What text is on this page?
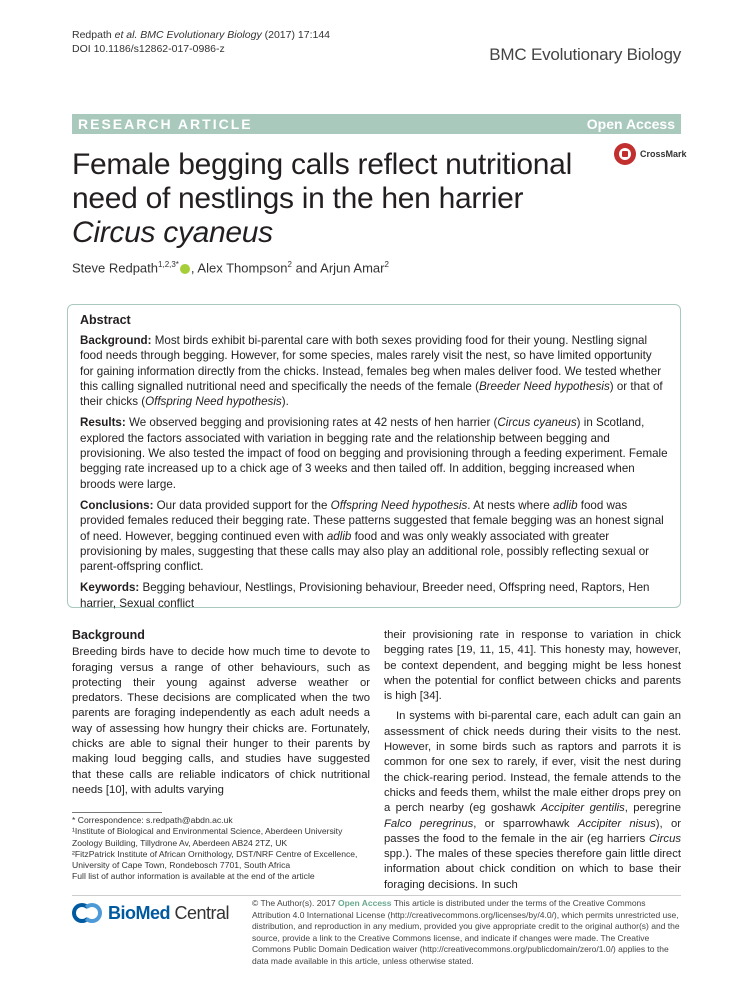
Redpath et al. BMC Evolutionary Biology (2017) 17:144
DOI 10.1186/s12862-017-0986-z	BMC Evolutionary Biology
RESEARCH ARTICLE	Open Access
Female begging calls reflect nutritional need of nestlings in the hen harrier Circus cyaneus
CrossMark
Steve Redpath$^{1,2,3*}$ , Alex Thompson$^2$ and Arjun Amar$^2$
Abstract

Background: Most birds exhibit bi-parental care with both sexes providing food for their young. Nestling signal food needs through begging. However, for some species, males rarely visit the nest, so have limited opportunity for gaining information directly from the chicks. Instead, females beg when males deliver food. We tested whether this calling signalled nutritional need and specifically the needs of the female (Breeder Need hypothesis) or that of their chicks (Offspring Need hypothesis).

Results: We observed begging and provisioning rates at 42 nests of hen harrier (Circus cyaneus) in Scotland, explored the factors associated with variation in begging rate and the relationship between begging and provisioning. We also tested the impact of food on begging and provisioning through a feeding experiment. Female begging rate increased up to a chick age of 3 weeks and then tailed off. In addition, begging increased when broods were large.

Conclusions: Our data provided support for the Offspring Need hypothesis. At nests where adlib food was provided females reduced their begging rate. These patterns suggested that female begging was an honest signal of need. However, begging continued even with adlib food and was only weakly associated with greater provisioning by males, suggesting that these calls may also play an additional role, possibly reflecting sexual or parent-offspring conflict.

Keywords: Begging behaviour, Nestlings, Provisioning behaviour, Breeder need, Offspring need, Raptors, Hen harrier, Sexual conflict

Background

Breeding birds have to decide how much time to devote to foraging versus a range of other behaviours, such as protecting their young against adverse weather or predators. These decisions are complicated when the two parents are foraging independently as each adult needs a way of assessing how hungry their chicks are. Fortunately, chicks are able to signal their hunger to their parents by making loud begging calls, and studies have suggested that these calls are reliable indicators of chick nutritional needs [10], with adults varying

their provisioning rate in response to variation in chick begging rates [19, 11, 15, 41]. This honesty may, however, be context dependent, and begging might be less honest when the potential for conflict between chicks and parents is high [34].

In systems with bi-parental care, each adult can gain an assessment of chick needs during their visits to the nest. However, in some birds such as raptors and parrots it is common for one sex to rarely, if ever, visit the nest during the chick-rearing period. Instead, the female attends to the chicks and feeds them, whilst the male either drops prey on a perch nearby (eg goshawk Accipiter gentilis, peregrine Falco peregrinus, or sparrowhawk Accipiter nisus), or passes the food to the female in the air (eg harriers Circus spp.). The males of these species therefore gain little direct information about chick condition on which to base their foraging decisions. In such

* Correspondence: s.redpath@abdn.ac.uk
¹Institute of Biological and Environmental Science, Aberdeen University Zoology Building, Tillydrone Av, Aberdeen AB24 2TZ, UK
²FitzPatrick Institute of African Ornithology, DST/NRF Centre of Excellence, University of Cape Town, Rondebosch 7701, South Africa
Full list of author information is available at the end of the article
BioMed Central	© The Author(s). 2017 Open Access This article is distributed under the terms of the Creative Commons Attribution 4.0 International License (http://creativecommons.org/licenses/by/4.0/), which permits unrestricted use, distribution, and reproduction in any medium, provided you give appropriate credit to the original author(s) and the source, provide a link to the Creative Commons license, and indicate if changes were made. The Creative Commons Public Domain Dedication waiver (http://creativecommons.org/publicdomain/zero/1.0/) applies to the data made available in this article, unless otherwise stated.
